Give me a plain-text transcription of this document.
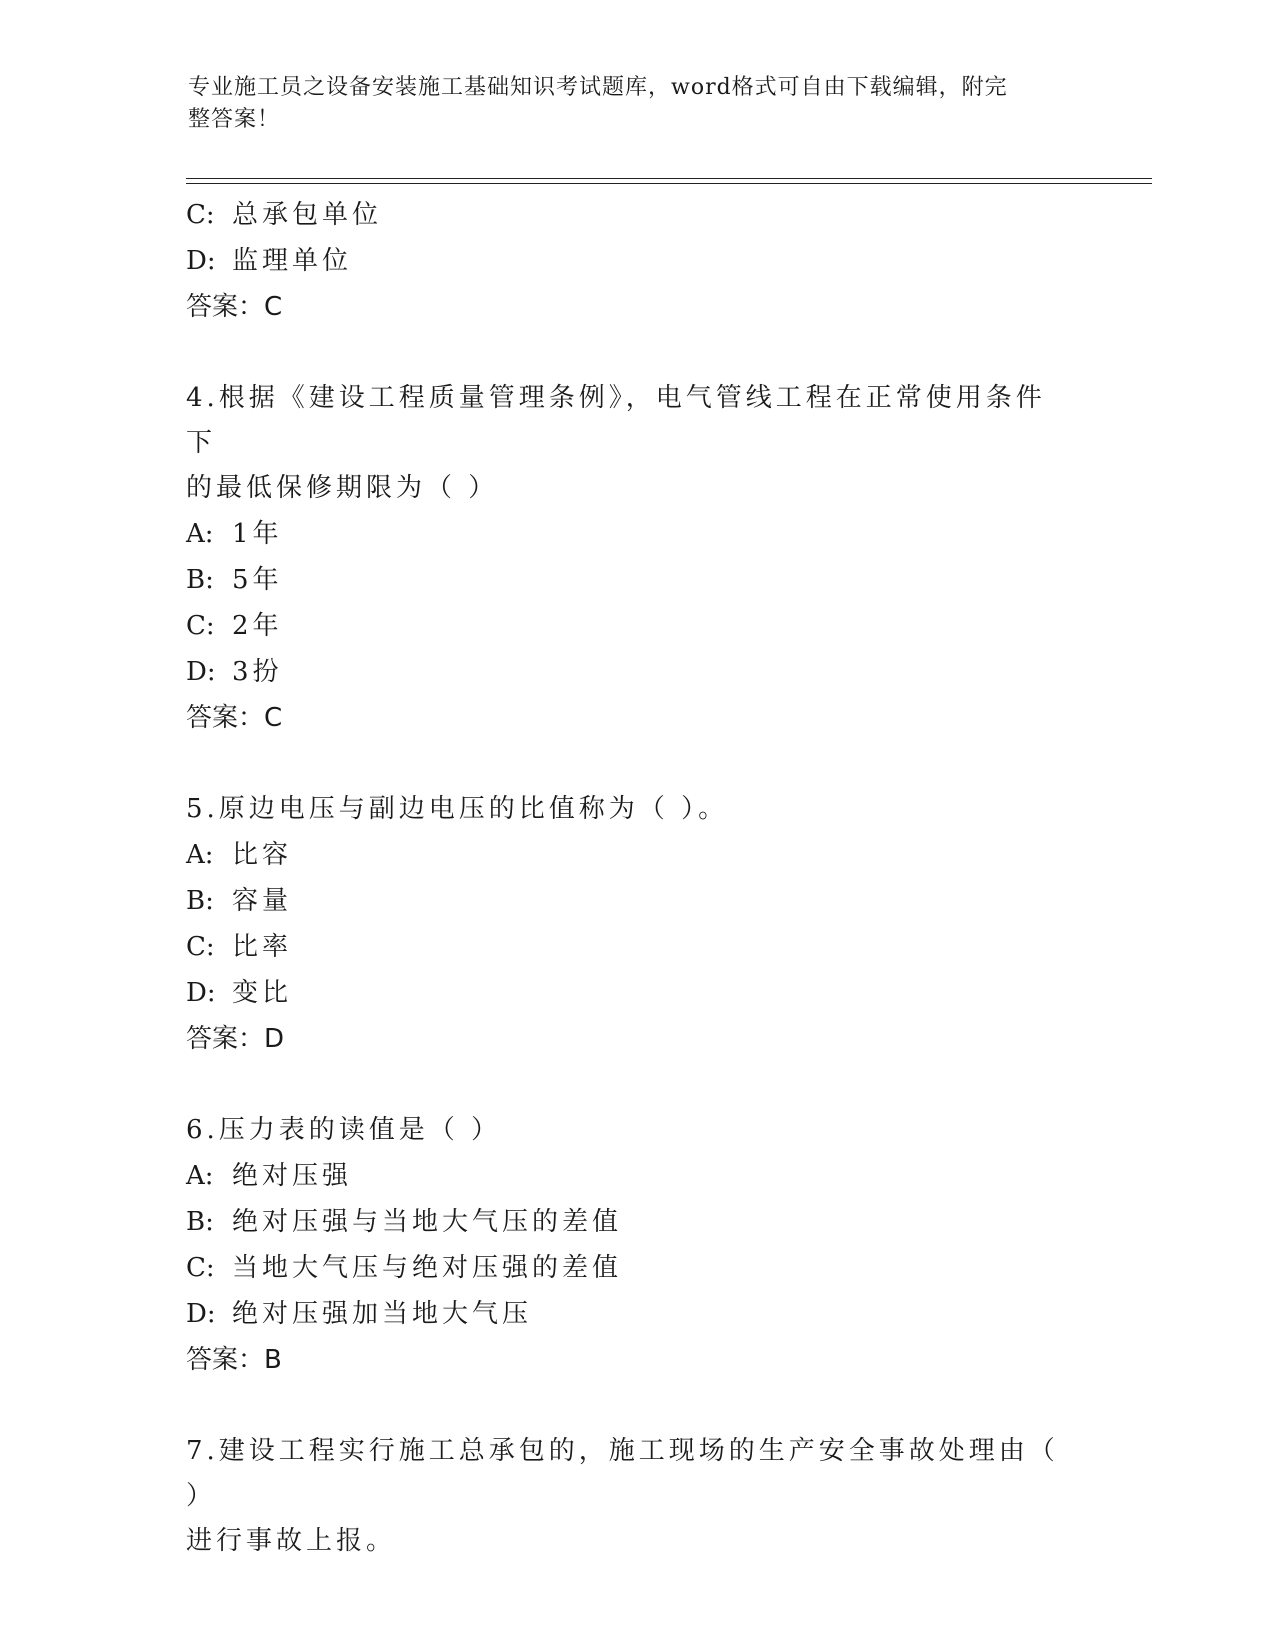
专业施工员之设备安装施工基础知识考试题库，word格式可自由下载编辑，附完
整答案！
C: 总承包单位
D: 监理单位
答案：C
4.根据《建设工程质量管理条例》，电气管线工程在正常使用条件下
的最低保修期限为（ ）
A: 1年
B: 5年
C: 2年
D: 3扮
答案：C
5.原边电压与副边电压的比值称为（ ）。
A: 比容
B: 容量
C: 比率
D: 变比
答案：D
6.压力表的读值是（ ）
A: 绝对压强
B: 绝对压强与当地大气压的差值
C: 当地大气压与绝对压强的差值
D: 绝对压强加当地大气压
答案：B
7.建设工程实行施工总承包的，施工现场的生产安全事故处理由（ ）
进行事故上报。
